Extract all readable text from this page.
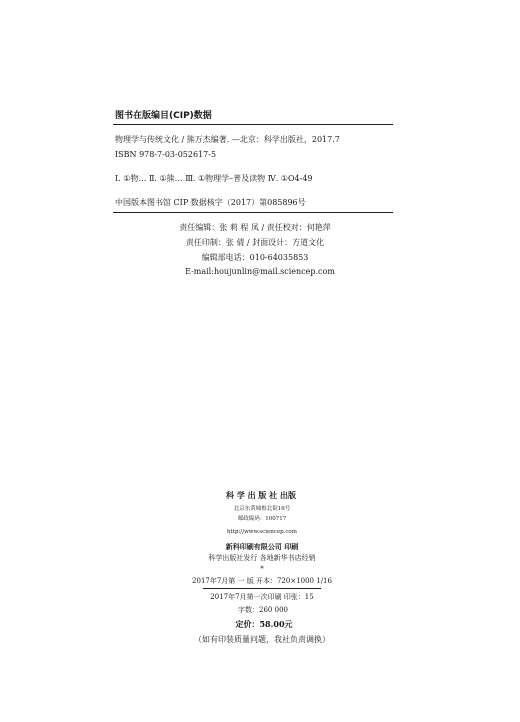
图书在版编目(CIP)数据
物理学与传统文化 / 熊万杰编著. —北京：科学出版社，2017.7
ISBN 978-7-03-052617-5
Ⅰ. ①物… Ⅱ. ①熊… Ⅲ. ①物理学–普及读物 Ⅳ. ①O4-49
中国版本图书馆 CIP 数据核字（2017）第085896号
责任编辑：张 莉 程 凤 / 责任校对：何艳萍
责任印制：张 倩 / 封面设计：方道文化
编辑部电话：010-64035853
E-mail:houjunlin@mail.sciencep.com
科 学 出 版 社 出版
北京东黄城根北街16号
邮政编码：100717
http://www.sciencep.com
新科印刷有限公司 印刷
科学出版社发行 各地新华书店经销
*
2017年7月第 一 版 开本：720×1000 1/16
2017年7月第一次印刷 印张：15
字数：260 000
定价：58.00元
（如有印装质量问题，我社负责调换）
